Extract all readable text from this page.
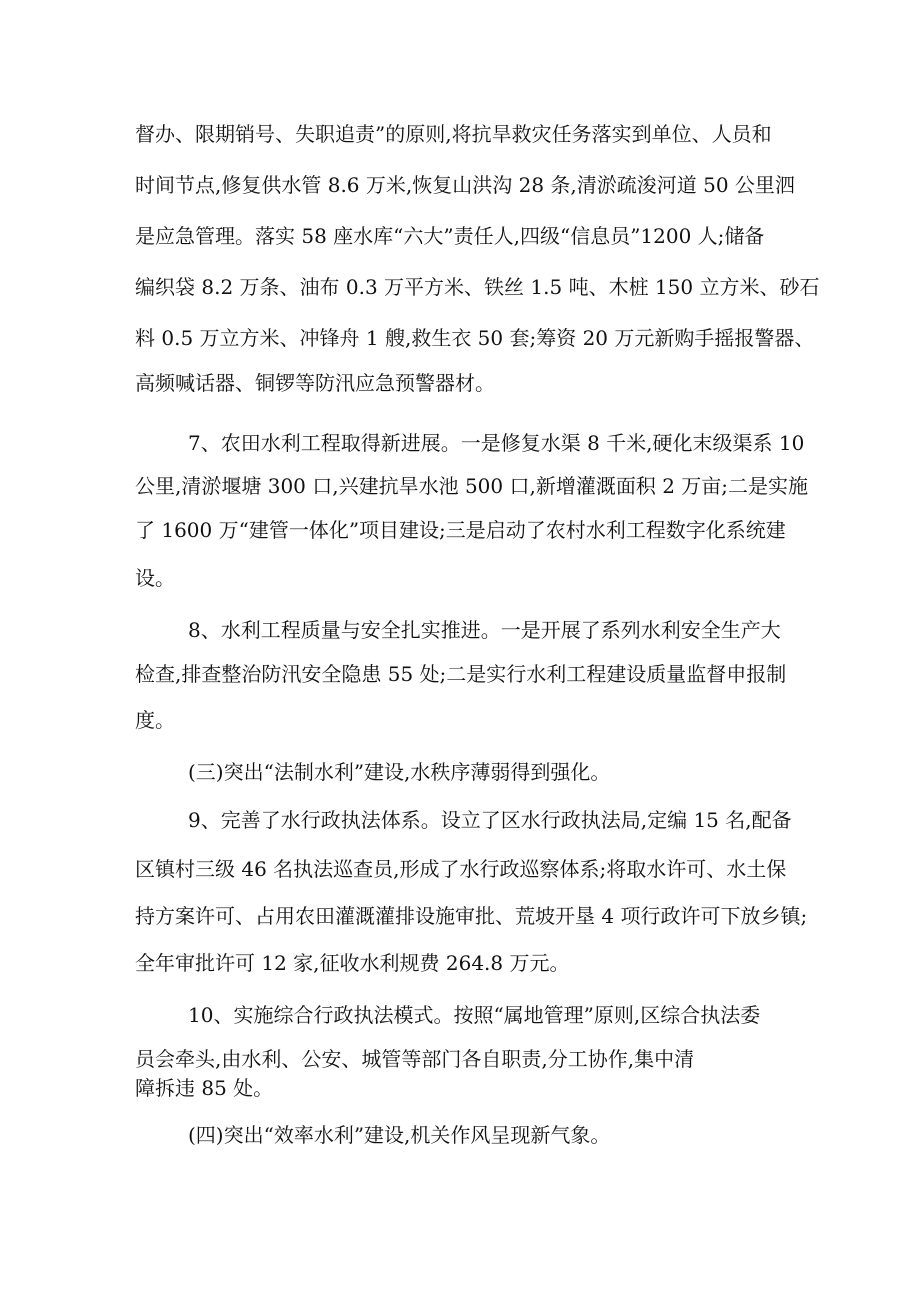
督办、限期销号、失职追责”的原则,将抗旱救灾任务落实到单位、人员和
时间节点,修复供水管 8.6 万米,恢复山洪沟 28 条,清淤疏浚河道 50 公里泗
是应急管理。落实 58 座水库“六大”责任人,四级“信息员”1200 人;储备
编织袋 8.2 万条、油布 0.3 万平方米、铁丝 1.5 吨、木桩 150 立方米、砂石
料 0.5 万立方米、冲锋舟 1 艘,救生衣 50 套;筹资 20 万元新购手摇报警器、
高频喊话器、铜锣等防汛应急预警器材。
7、农田水利工程取得新进展。一是修复水渠 8 千米,硬化末级渠系 10
公里,清淤堰塘 300 口,兴建抗旱水池 500 口,新增灌溉面积 2 万亩;二是实施
了 1600 万“建管一体化”项目建设;三是启动了农村水利工程数字化系统建
设。
8、水利工程质量与安全扎实推进。一是开展了系列水利安全生产大
检查,排查整治防汛安全隐患 55 处;二是实行水利工程建设质量监督申报制
度。
(三)突出“法制水利”建设,水秩序薄弱得到强化。
9、完善了水行政执法体系。设立了区水行政执法局,定编 15 名,配备
区镇村三级 46 名执法巡查员,形成了水行政巡察体系;将取水许可、水土保
持方案许可、占用农田灌溉灌排设施审批、荒坡开垦 4 项行政许可下放乡镇;
全年审批许可 12 家,征收水利规费 264.8 万元。
10、实施综合行政执法模式。按照“属地管理”原则,区综合执法委
员会牵头,由水利、公安、城管等部门各自职责,分工协作,集中清
障拆违 85 处。
(四)突出“效率水利”建设,机关作风呈现新气象。
